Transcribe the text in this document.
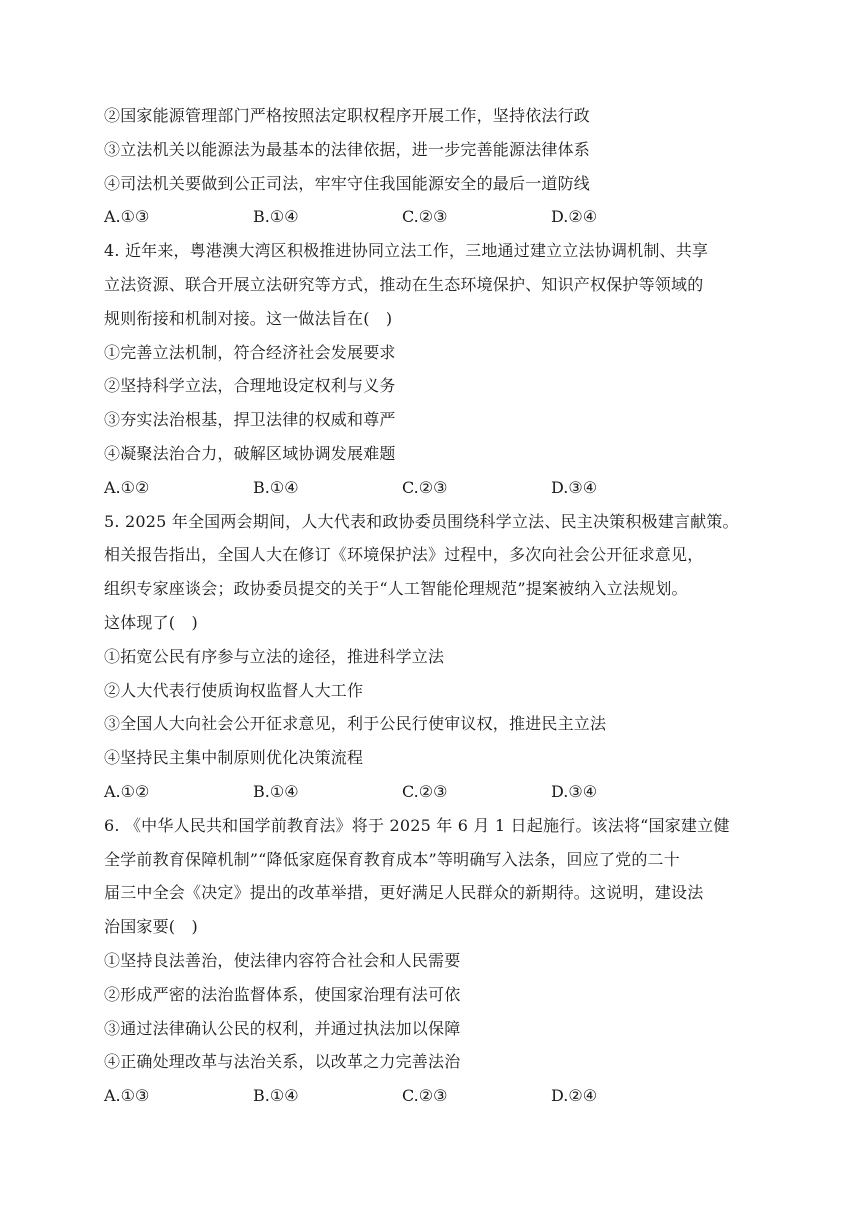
②国家能源管理部门严格按照法定职权程序开展工作，坚持依法行政
③立法机关以能源法为最基本的法律依据，进一步完善能源法律体系
④司法机关要做到公正司法，牢牢守住我国能源安全的最后一道防线
A.①③	B.①④	C.②③	D.②④
4. 近年来，粤港澳大湾区积极推进协同立法工作，三地通过建立立法协调机制、共享
立法资源、联合开展立法研究等方式，推动在生态环境保护、知识产权保护等领域的
规则衔接和机制对接。这一做法旨在(　)
①完善立法机制，符合经济社会发展要求
②坚持科学立法，合理地设定权利与义务
③夯实法治根基，捍卫法律的权威和尊严
④凝聚法治合力，破解区域协调发展难题
A.①②	B.①④	C.②③	D.③④
5. 2025 年全国两会期间，人大代表和政协委员围绕科学立法、民主决策积极建言献策。
相关报告指出，全国人大在修订《环境保护法》过程中，多次向社会公开征求意见，
组织专家座谈会；政协委员提交的关于“人工智能伦理规范”提案被纳入立法规划。
这体现了(　)
①拓宽公民有序参与立法的途径，推进科学立法
②人大代表行使质询权监督人大工作
③全国人大向社会公开征求意见，利于公民行使审议权，推进民主立法
④坚持民主集中制原则优化决策流程
A.①②	B.①④	C.②③	D.③④
6. 《中华人民共和国学前教育法》将于 2025 年 6 月 1 日起施行。该法将“国家建立健
全学前教育保障机制”“降低家庭保育教育成本”等明确写入法条，回应了党的二十
届三中全会《决定》提出的改革举措，更好满足人民群众的新期待。这说明，建设法
治国家要(　)
①坚持良法善治，使法律内容符合社会和人民需要
②形成严密的法治监督体系，使国家治理有法可依
③通过法律确认公民的权利，并通过执法加以保障
④正确处理改革与法治关系，以改革之力完善法治
A.①③	B.①④	C.②③	D.②④
